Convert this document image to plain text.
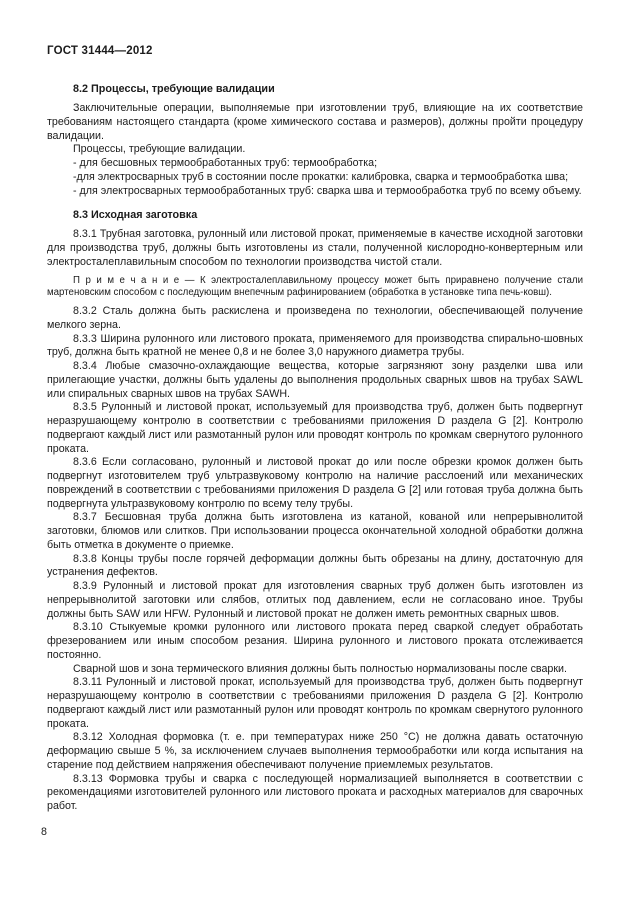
ГОСТ 31444—2012

8.2 Процессы, требующие валидации

Заключительные операции, выполняемые при изготовлении труб, влияющие на их соответствие требованиям настоящего стандарта (кроме химического состава и размеров), должны пройти процедуру валидации.

Процессы, требующие валидации.

- для бесшовных термообработанных труб: термообработка;

-для электросварных труб в состоянии после прокатки: калибровка, сварка и термообработка шва;

- для электросварных термообработанных труб: сварка шва и термообработка труб по всему объему.

8.3 Исходная заготовка

8.3.1 Трубная заготовка, рулонный или листовой прокат, применяемые в качестве исходной заготовки для производства труб, должны быть изготовлены из стали, полученной кислородно-конвертерным или электросталеплавильным способом по технологии производства чистой стали.

П р и м е ч а н и е — К электросталеплавильному процессу может быть приравнено получение стали мартеновским способом с последующим внепечным рафинированием (обработка в установке типа печь-ковш).

8.3.2 Сталь должна быть раскислена и произведена по технологии, обеспечивающей получение мелкого зерна.

8.3.3 Ширина рулонного или листового проката, применяемого для производства спирально-шовных труб, должна быть кратной не менее 0,8 и не более 3,0 наружного диаметра трубы.

8.3.4 Любые смазочно-охлаждающие вещества, которые загрязняют зону разделки шва или прилегающие участки, должны быть удалены до выполнения продольных сварных швов на трубах SAWL или спиральных сварных швов на трубах SAWH.

8.3.5 Рулонный и листовой прокат, используемый для производства труб, должен быть подвергнут неразрушающему контролю в соответствии с требованиями приложения D раздела G [2]. Контролю подвергают каждый лист или размотанный рулон или проводят контроль по кромкам свернутого рулонного проката.

8.3.6 Если согласовано, рулонный и листовой прокат до или после обрезки кромок должен быть подвергнут изготовителем труб ультразвуковому контролю на наличие расслоений или механических повреждений в соответствии с требованиями приложения D раздела G [2] или готовая труба должна быть подвергнута ультразвуковому контролю по всему телу трубы.

8.3.7 Бесшовная труба должна быть изготовлена из катаной, кованой или непрерывнолитой заготовки, блюмов или слитков. При использовании процесса окончательной холодной обработки должна быть отметка в документе о приемке.

8.3.8 Концы трубы после горячей деформации должны быть обрезаны на длину, достаточную для устранения дефектов.

8.3.9 Рулонный и листовой прокат для изготовления сварных труб должен быть изготовлен из непрерывнолитой заготовки или слябов, отлитых под давлением, если не согласовано иное. Трубы должны быть SAW или HFW. Рулонный и листовой прокат не должен иметь ремонтных сварных швов.

8.3.10 Стыкуемые кромки рулонного или листового проката перед сваркой следует обработать фрезерованием или иным способом резания. Ширина рулонного и листового проката отслеживается постоянно.

Сварной шов и зона термического влияния должны быть полностью нормализованы после сварки.

8.3.11 Рулонный и листовой прокат, используемый для производства труб, должен быть подвергнут неразрушающему контролю в соответствии с требованиями приложения D раздела G [2]. Контролю подвергают каждый лист или размотанный рулон или проводят контроль по кромкам свернутого рулонного проката.

8.3.12 Холодная формовка (т. е. при температурах ниже 250 °С) не должна давать остаточную деформацию свыше 5 %, за исключением случаев выполнения термообработки или когда испытания на старение под действием напряжения обеспечивают получение приемлемых результатов.

8.3.13 Формовка трубы и сварка с последующей нормализацией выполняется в соответствии с рекомендациями изготовителей рулонного или листового проката и расходных материалов для сварочных работ.

8
